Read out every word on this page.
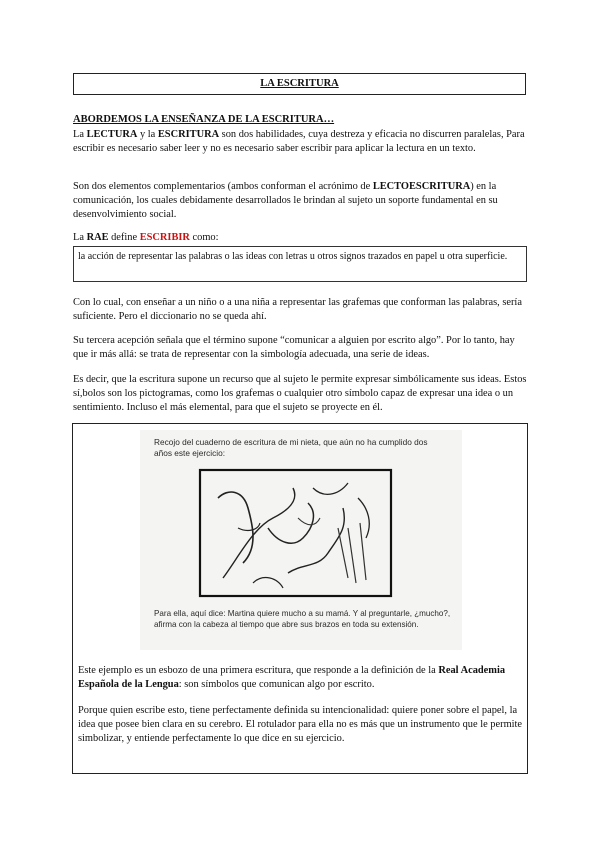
LA ESCRITURA
ABORDEMOS LA ENSEÑANZA DE LA ESCRITURA…
La LECTURA y la ESCRITURA son dos habilidades, cuya destreza y eficacia no discurren paralelas, Para escribir es necesario saber leer y no es necesario saber escribir para aplicar la lectura en un texto.
Son dos elementos complementarios (ambos conforman el acrónimo de LECTOESCRITURA) en la comunicación, los cuales debidamente desarrollados le brindan al sujeto un soporte fundamental en su desenvolvimiento social.
La RAE define ESCRIBIR como:
la acción de representar las palabras o las ideas con letras u otros signos trazados en papel u otra superficie.
Con lo cual, con enseñar a un niño o a una niña a representar las grafemas que conforman las palabras, sería suficiente. Pero el diccionario no se queda ahí.
Su tercera acepción señala que el término supone “comunicar a alguien por escrito algo”. Por lo tanto, hay que ir más allá: se trata de representar con la simbología adecuada, una serie de ideas.
Es decir, que la escritura supone un recurso que al sujeto le permite expresar simbólicamente sus ideas. Estos sí,bolos son los pictogramas, como los grafemas o cualquier otro símbolo capaz de expresar una idea o un sentimiento. Incluso el más elemental, para que el sujeto se proyecte en él.
Recojo del cuaderno de escritura de mi nieta, que aún no ha cumplido dos años este ejercicio:
Para ella, aquí dice: Martina quiere mucho a su mamá. Y al preguntarle, ¿mucho?, afirma con la cabeza al tiempo que abre sus brazos en toda su extensión.
Este ejemplo es un esbozo de una primera escritura, que responde a la definición de la Real Academia Española de la Lengua: son símbolos que comunican algo por escrito.
Porque quien escribe esto, tiene perfectamente definida su intencionalidad: quiere poner sobre el papel, la idea que posee bien clara en su cerebro. El rotulador para ella no es más que un instrumento que le permite simbolizar, y entiende perfectamente lo que dice en su ejercicio.
